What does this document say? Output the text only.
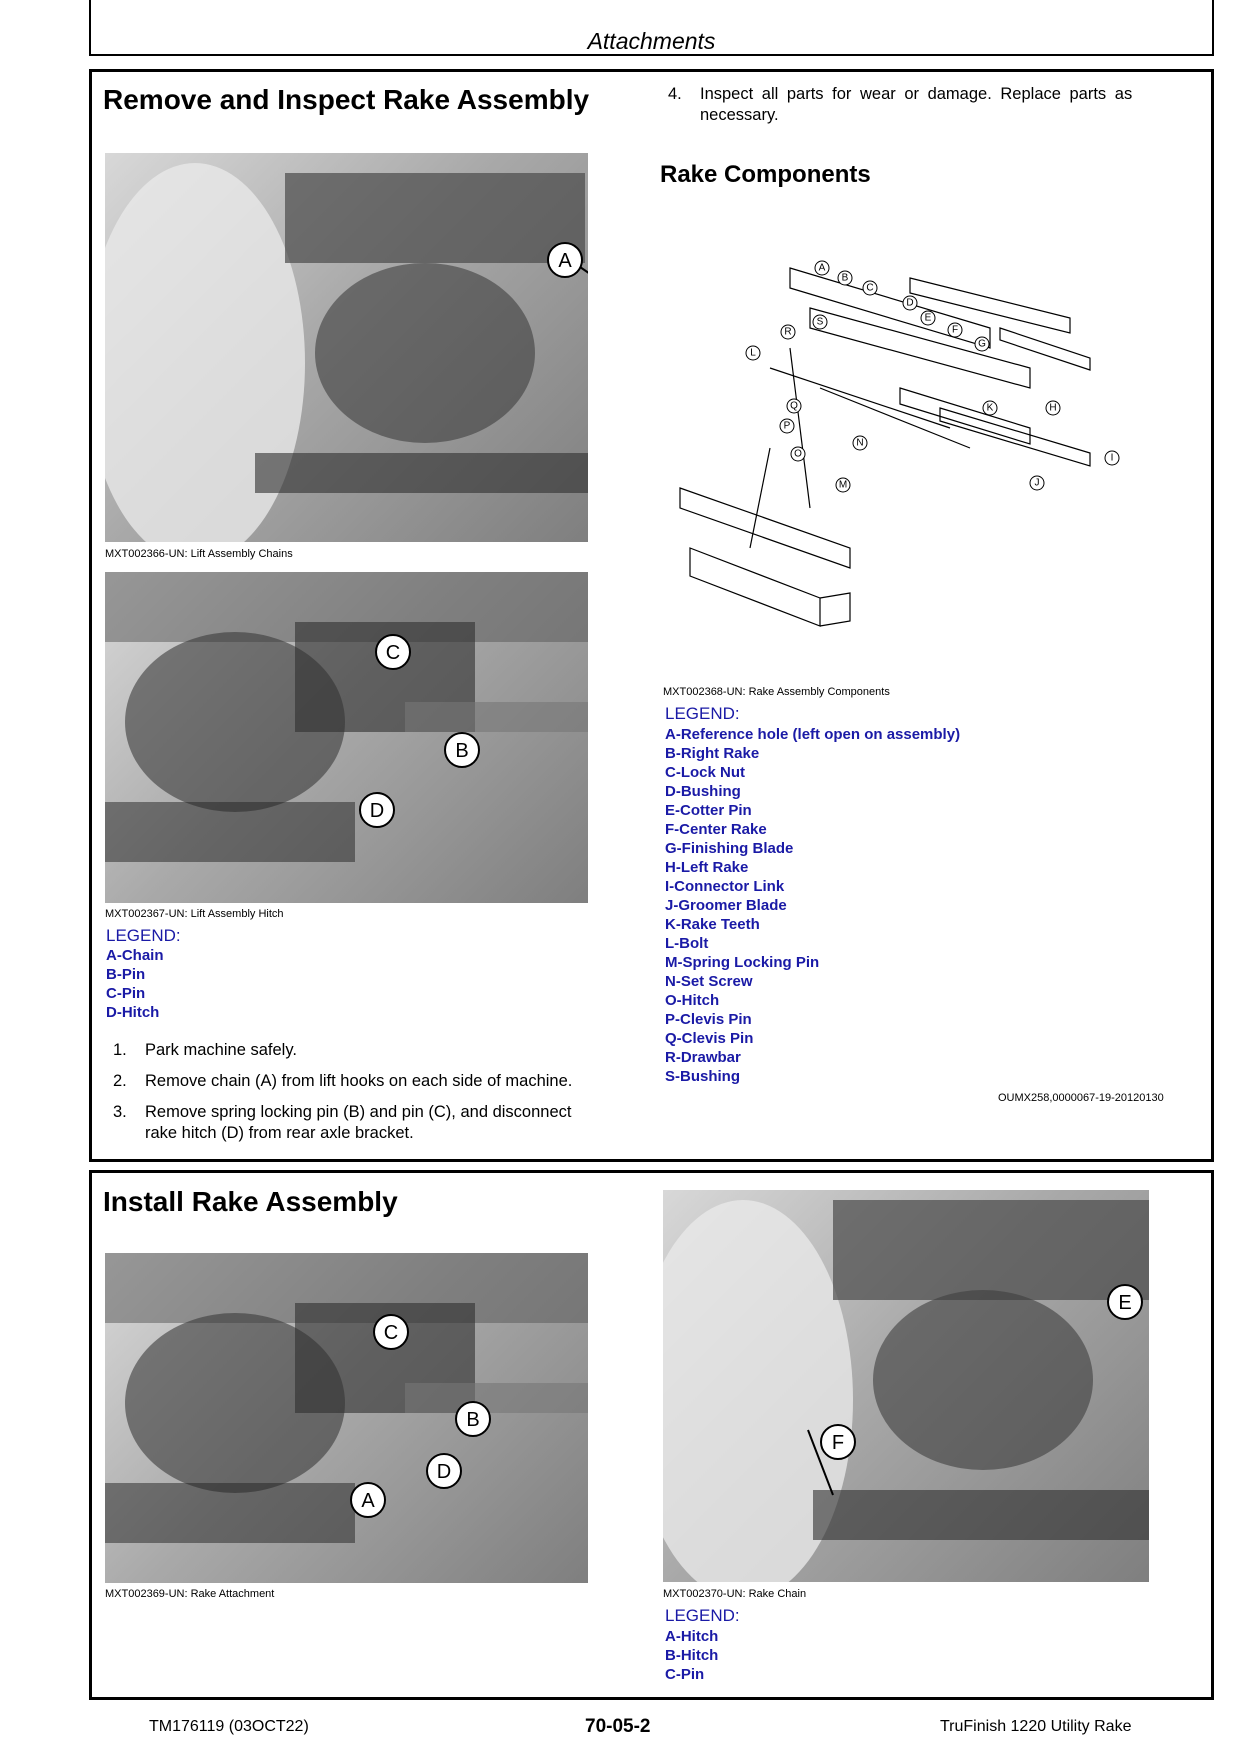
Attachments
Remove and Inspect Rake Assembly
A
MXT002366-UN: Lift Assembly Chains
C
B
D
MXT002367-UN: Lift Assembly Hitch
LEGEND:
A-Chain
B-Pin
C-Pin
D-Hitch
1. Park machine safely.
2. Remove chain (A) from lift hooks on each side of machine.
3. Remove spring locking pin (B) and pin (C), and disconnect
rake hitch (D) from rear axle bracket.
4. Inspect all parts for wear or damage. Replace parts as
necessary.
Rake Components
A
B
C
D
E
F
G
H
I
J
K
L
M
N
O
P
Q
R
S
MXT002368-UN: Rake Assembly Components
LEGEND:
A-Reference hole (left open on assembly)
B-Right Rake
C-Lock Nut
D-Bushing
E-Cotter Pin
F-Center Rake
G-Finishing Blade
H-Left Rake
I-Connector Link
J-Groomer Blade
K-Rake Teeth
L-Bolt
M-Spring Locking Pin
N-Set Screw
O-Hitch
P-Clevis Pin
Q-Clevis Pin
R-Drawbar
S-Bushing
OUMX258,0000067-19-20120130
Install Rake Assembly
C
B
D
A
MXT002369-UN: Rake Attachment
E
F
MXT002370-UN: Rake Chain
LEGEND:
A-Hitch
B-Hitch
C-Pin
TM176119 (03OCT22)	70-05-2	TruFinish 1220 Utility Rake
